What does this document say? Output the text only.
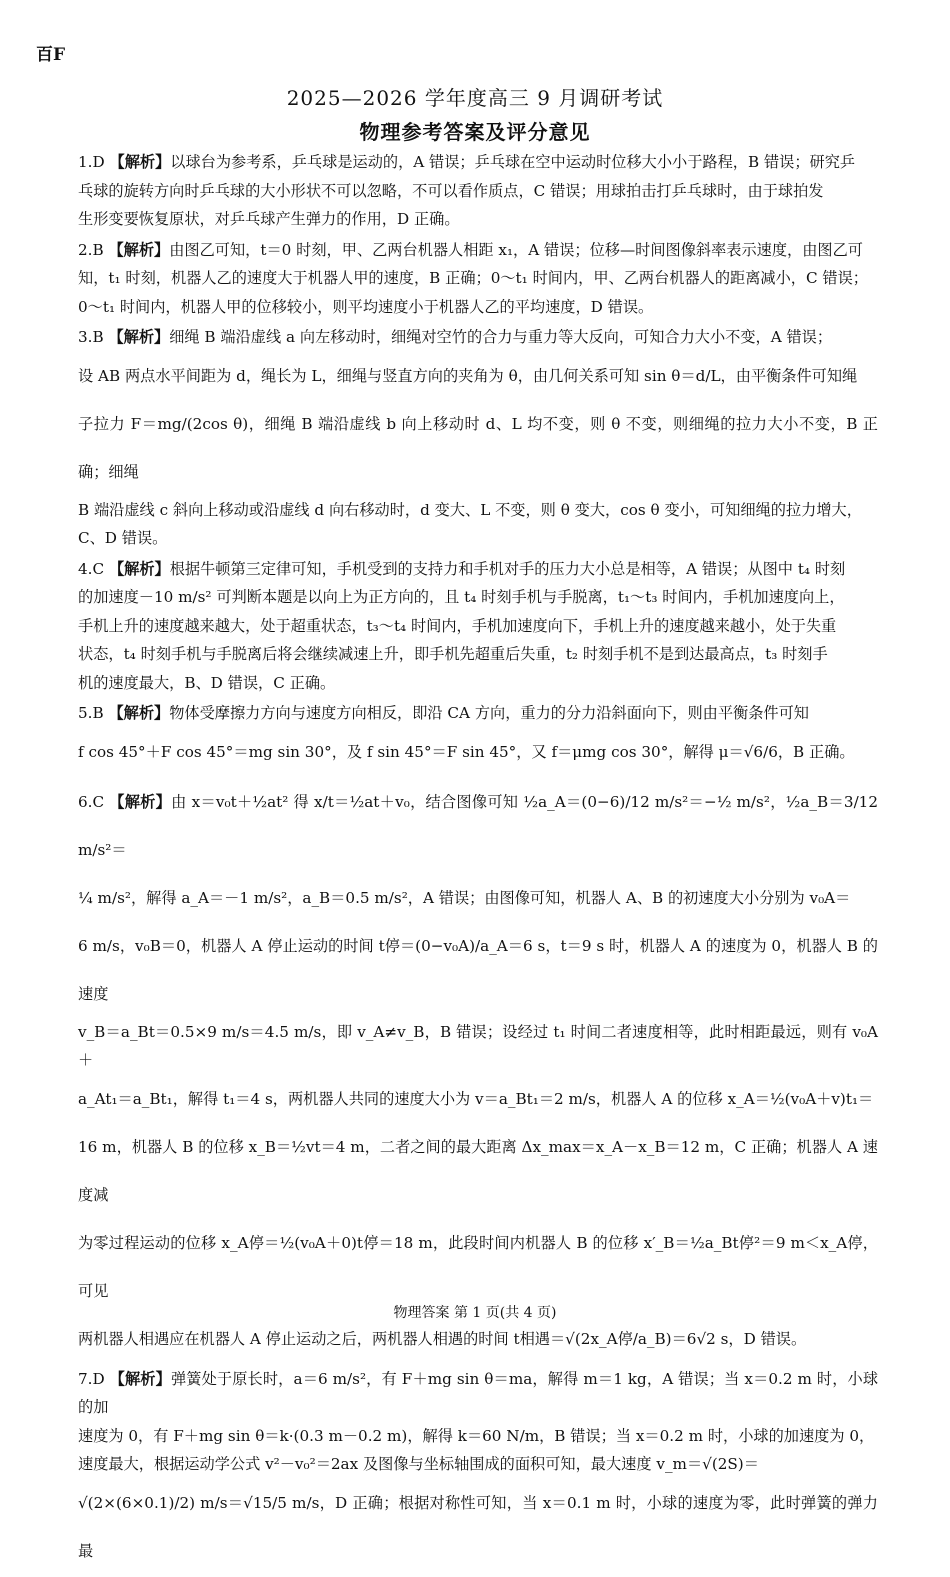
百F
2025—2026 学年度高三 9 月调研考试
物理参考答案及评分意见
1.D 【解析】以球台为参考系，乒乓球是运动的，A 错误；乒乓球在空中运动时位移大小小于路程，B 错误；研究乒
乓球的旋转方向时乒乓球的大小形状不可以忽略，不可以看作质点，C 错误；用球拍击打乒乓球时，由于球拍发
生形变要恢复原状，对乒乓球产生弹力的作用，D 正确。
2.B 【解析】由图乙可知，t＝0 时刻，甲、乙两台机器人相距 x₁，A 错误；位移—时间图像斜率表示速度，由图乙可
知，t₁ 时刻，机器人乙的速度大于机器人甲的速度，B 正确；0～t₁ 时间内，甲、乙两台机器人的距离减小，C 错误；
0～t₁ 时间内，机器人甲的位移较小，则平均速度小于机器人乙的平均速度，D 错误。
3.B 【解析】细绳 B 端沿虚线 a 向左移动时，细绳对空竹的合力与重力等大反向，可知合力大小不变，A 错误；
设 AB 两点水平间距为 d，绳长为 L，细绳与竖直方向的夹角为 θ，由几何关系可知 sin θ＝d/L，由平衡条件可知绳
子拉力 F＝mg/(2cos θ)，细绳 B 端沿虚线 b 向上移动时 d、L 均不变，则 θ 不变，则细绳的拉力大小不变，B 正确；细绳
B 端沿虚线 c 斜向上移动或沿虚线 d 向右移动时，d 变大、L 不变，则 θ 变大，cos θ 变小，可知细绳的拉力增大，
C、D 错误。
4.C 【解析】根据牛顿第三定律可知，手机受到的支持力和手机对手的压力大小总是相等，A 错误；从图中 t₄ 时刻
的加速度－10 m/s² 可判断本题是以向上为正方向的，且 t₄ 时刻手机与手脱离，t₁～t₃ 时间内，手机加速度向上，
手机上升的速度越来越大，处于超重状态，t₃～t₄ 时间内，手机加速度向下，手机上升的速度越来越小，处于失重
状态，t₄ 时刻手机与手脱离后将会继续减速上升，即手机先超重后失重，t₂ 时刻手机不是到达最高点，t₃ 时刻手
机的速度最大，B、D 错误，C 正确。
5.B 【解析】物体受摩擦力方向与速度方向相反，即沿 CA 方向，重力的分力沿斜面向下，则由平衡条件可知
f cos 45°＋F cos 45°＝mg sin 30°，及 f sin 45°＝F sin 45°，又 f＝μmg cos 30°，解得 μ＝√6/6，B 正确。
6.C 【解析】由 x＝v₀t＋½at² 得 x/t＝½at＋v₀，结合图像可知 ½a_A＝(0−6)/12 m/s²＝−½ m/s²，½a_B＝3/12 m/s²＝
¼ m/s²，解得 a_A＝－1 m/s²，a_B＝0.5 m/s²，A 错误；由图像可知，机器人 A、B 的初速度大小分别为 v₀A＝
6 m/s，v₀B＝0，机器人 A 停止运动的时间 t停＝(0−v₀A)/a_A＝6 s，t＝9 s 时，机器人 A 的速度为 0，机器人 B 的速度
v_B＝a_Bt＝0.5×9 m/s＝4.5 m/s，即 v_A≠v_B，B 错误；设经过 t₁ 时间二者速度相等，此时相距最远，则有 v₀A＋
a_At₁＝a_Bt₁，解得 t₁＝4 s，两机器人共同的速度大小为 v＝a_Bt₁＝2 m/s，机器人 A 的位移 x_A＝½(v₀A＋v)t₁＝
16 m，机器人 B 的位移 x_B＝½vt＝4 m，二者之间的最大距离 Δx_max＝x_A－x_B＝12 m，C 正确；机器人 A 速度减
为零过程运动的位移 x_A停＝½(v₀A＋0)t停＝18 m，此段时间内机器人 B 的位移 x′_B＝½a_Bt停²＝9 m＜x_A停，可见
两机器人相遇应在机器人 A 停止运动之后，两机器人相遇的时间 t相遇＝√(2x_A停/a_B)＝6√2 s，D 错误。
7.D 【解析】弹簧处于原长时，a＝6 m/s²，有 F＋mg sin θ＝ma，解得 m＝1 kg，A 错误；当 x＝0.2 m 时，小球的加
速度为 0，有 F＋mg sin θ＝k·(0.3 m－0.2 m)，解得 k＝60 N/m，B 错误；当 x＝0.2 m 时，小球的加速度为 0，
速度最大，根据运动学公式 v²－v₀²＝2ax 及图像与坐标轴围成的面积可知，最大速度 v_m＝√(2S)＝
√(2×(6×0.1)/2) m/s＝√15/5 m/s，D 正确；根据对称性可知，当 x＝0.1 m 时，小球的速度为零，此时弹簧的弹力最
物理答案 第 1 页(共 4 页)
